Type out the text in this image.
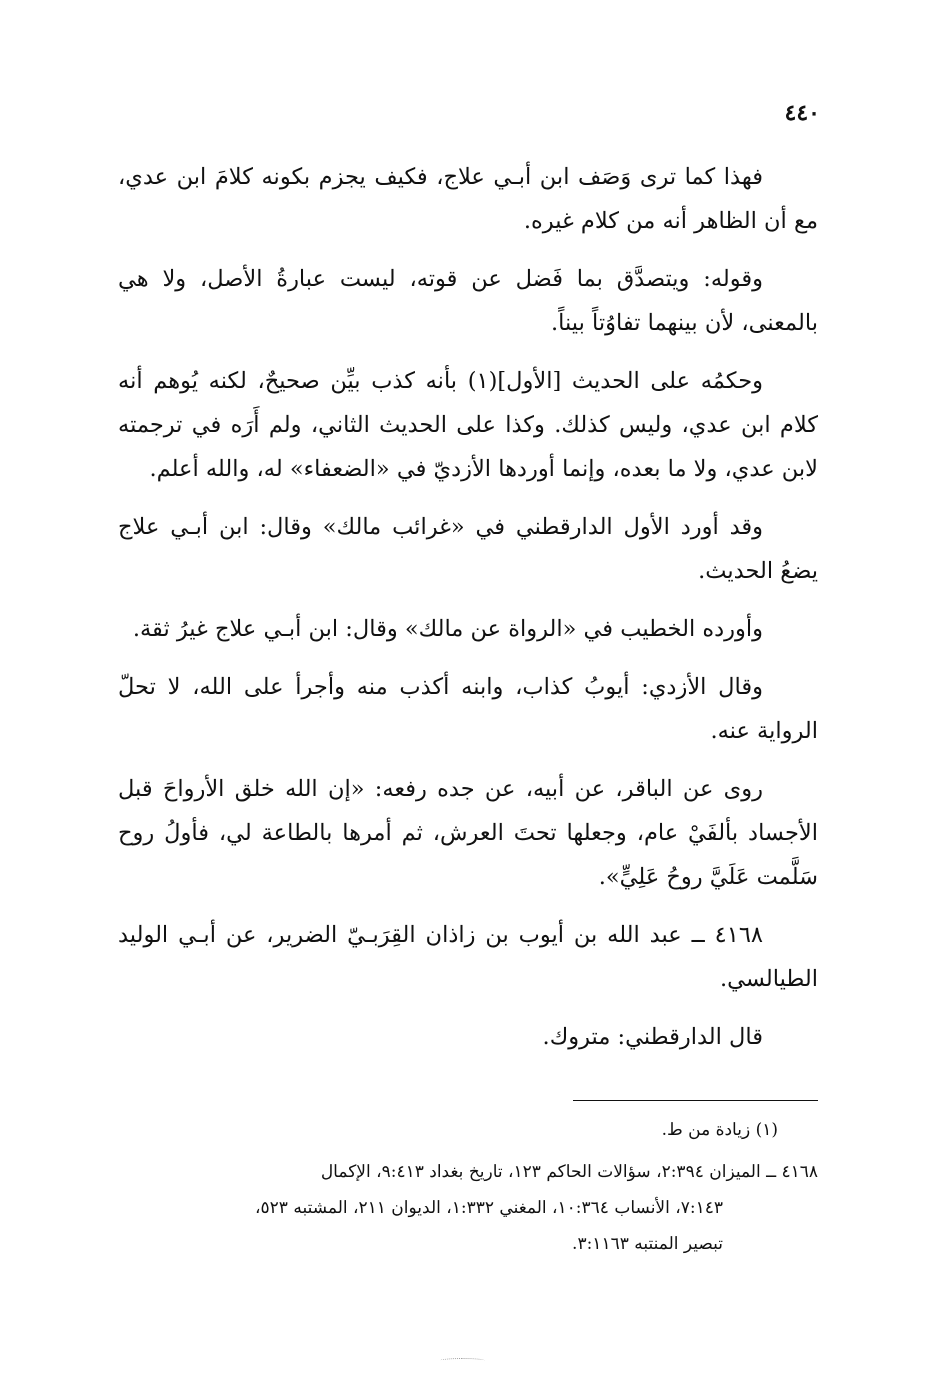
٤٤٠

فهذا كما ترى وَصَف ابن أبـي علاج، فكيف يجزم بكونه كلامَ ابن عدي، مع أن الظاهر أنه من كلام غيره.

وقوله: ويتصدَّق بما فَضل عن قوته، ليست عبارةُ الأصل، ولا هي بالمعنى، لأن بينهما تفاوُتاً بيناً.

وحكمُه على الحديث [الأول](١) بأنه كذب بيِّن صحيحٌ، لكنه يُوهم أنه كلام ابن عدي، وليس كذلك. وكذا على الحديث الثاني، ولم أَرَه في ترجمته لابن عدي، ولا ما بعده، وإنما أوردها الأزديّ في «الضعفاء» له، والله أعلم.

وقد أورد الأول الدارقطني في «غرائب مالك» وقال: ابن أبـي علاج يضعُ الحديث.

وأورده الخطيب في «الرواة عن مالك» وقال: ابن أبـي علاج غيرُ ثقة.

وقال الأزدي: أيوبُ كذاب، وابنه أكذب منه وأجرأ على الله، لا تحلّ الرواية عنه.

روى عن الباقر، عن أبيه، عن جده رفعه: «إن الله خلق الأرواحَ قبل الأجساد بألفَيْ عام، وجعلها تحتَ العرش، ثم أمرها بالطاعة لي، فأولُ روح سَلَّمت عَلَيَّ روحُ عَلِيٍّ».

٤١٦٨ ــ عبد الله بن أيوب بن زاذان القِرَبـيّ الضرير، عن أبـي الوليد الطيالسي.

قال الدارقطني: متروك.

(١) زيادة من ط.

٤١٦٨ ــ الميزان ٢:٣٩٤، سؤالات الحاكم ١٢٣، تاريخ بغداد ٩:٤١٣، الإكمال
٧:١٤٣، الأنساب ١٠:٣٦٤، المغني ١:٣٣٢، الديوان ٢١١، المشتبه ٥٢٣،
تبصير المنتبه ٣:١١٦٣.
